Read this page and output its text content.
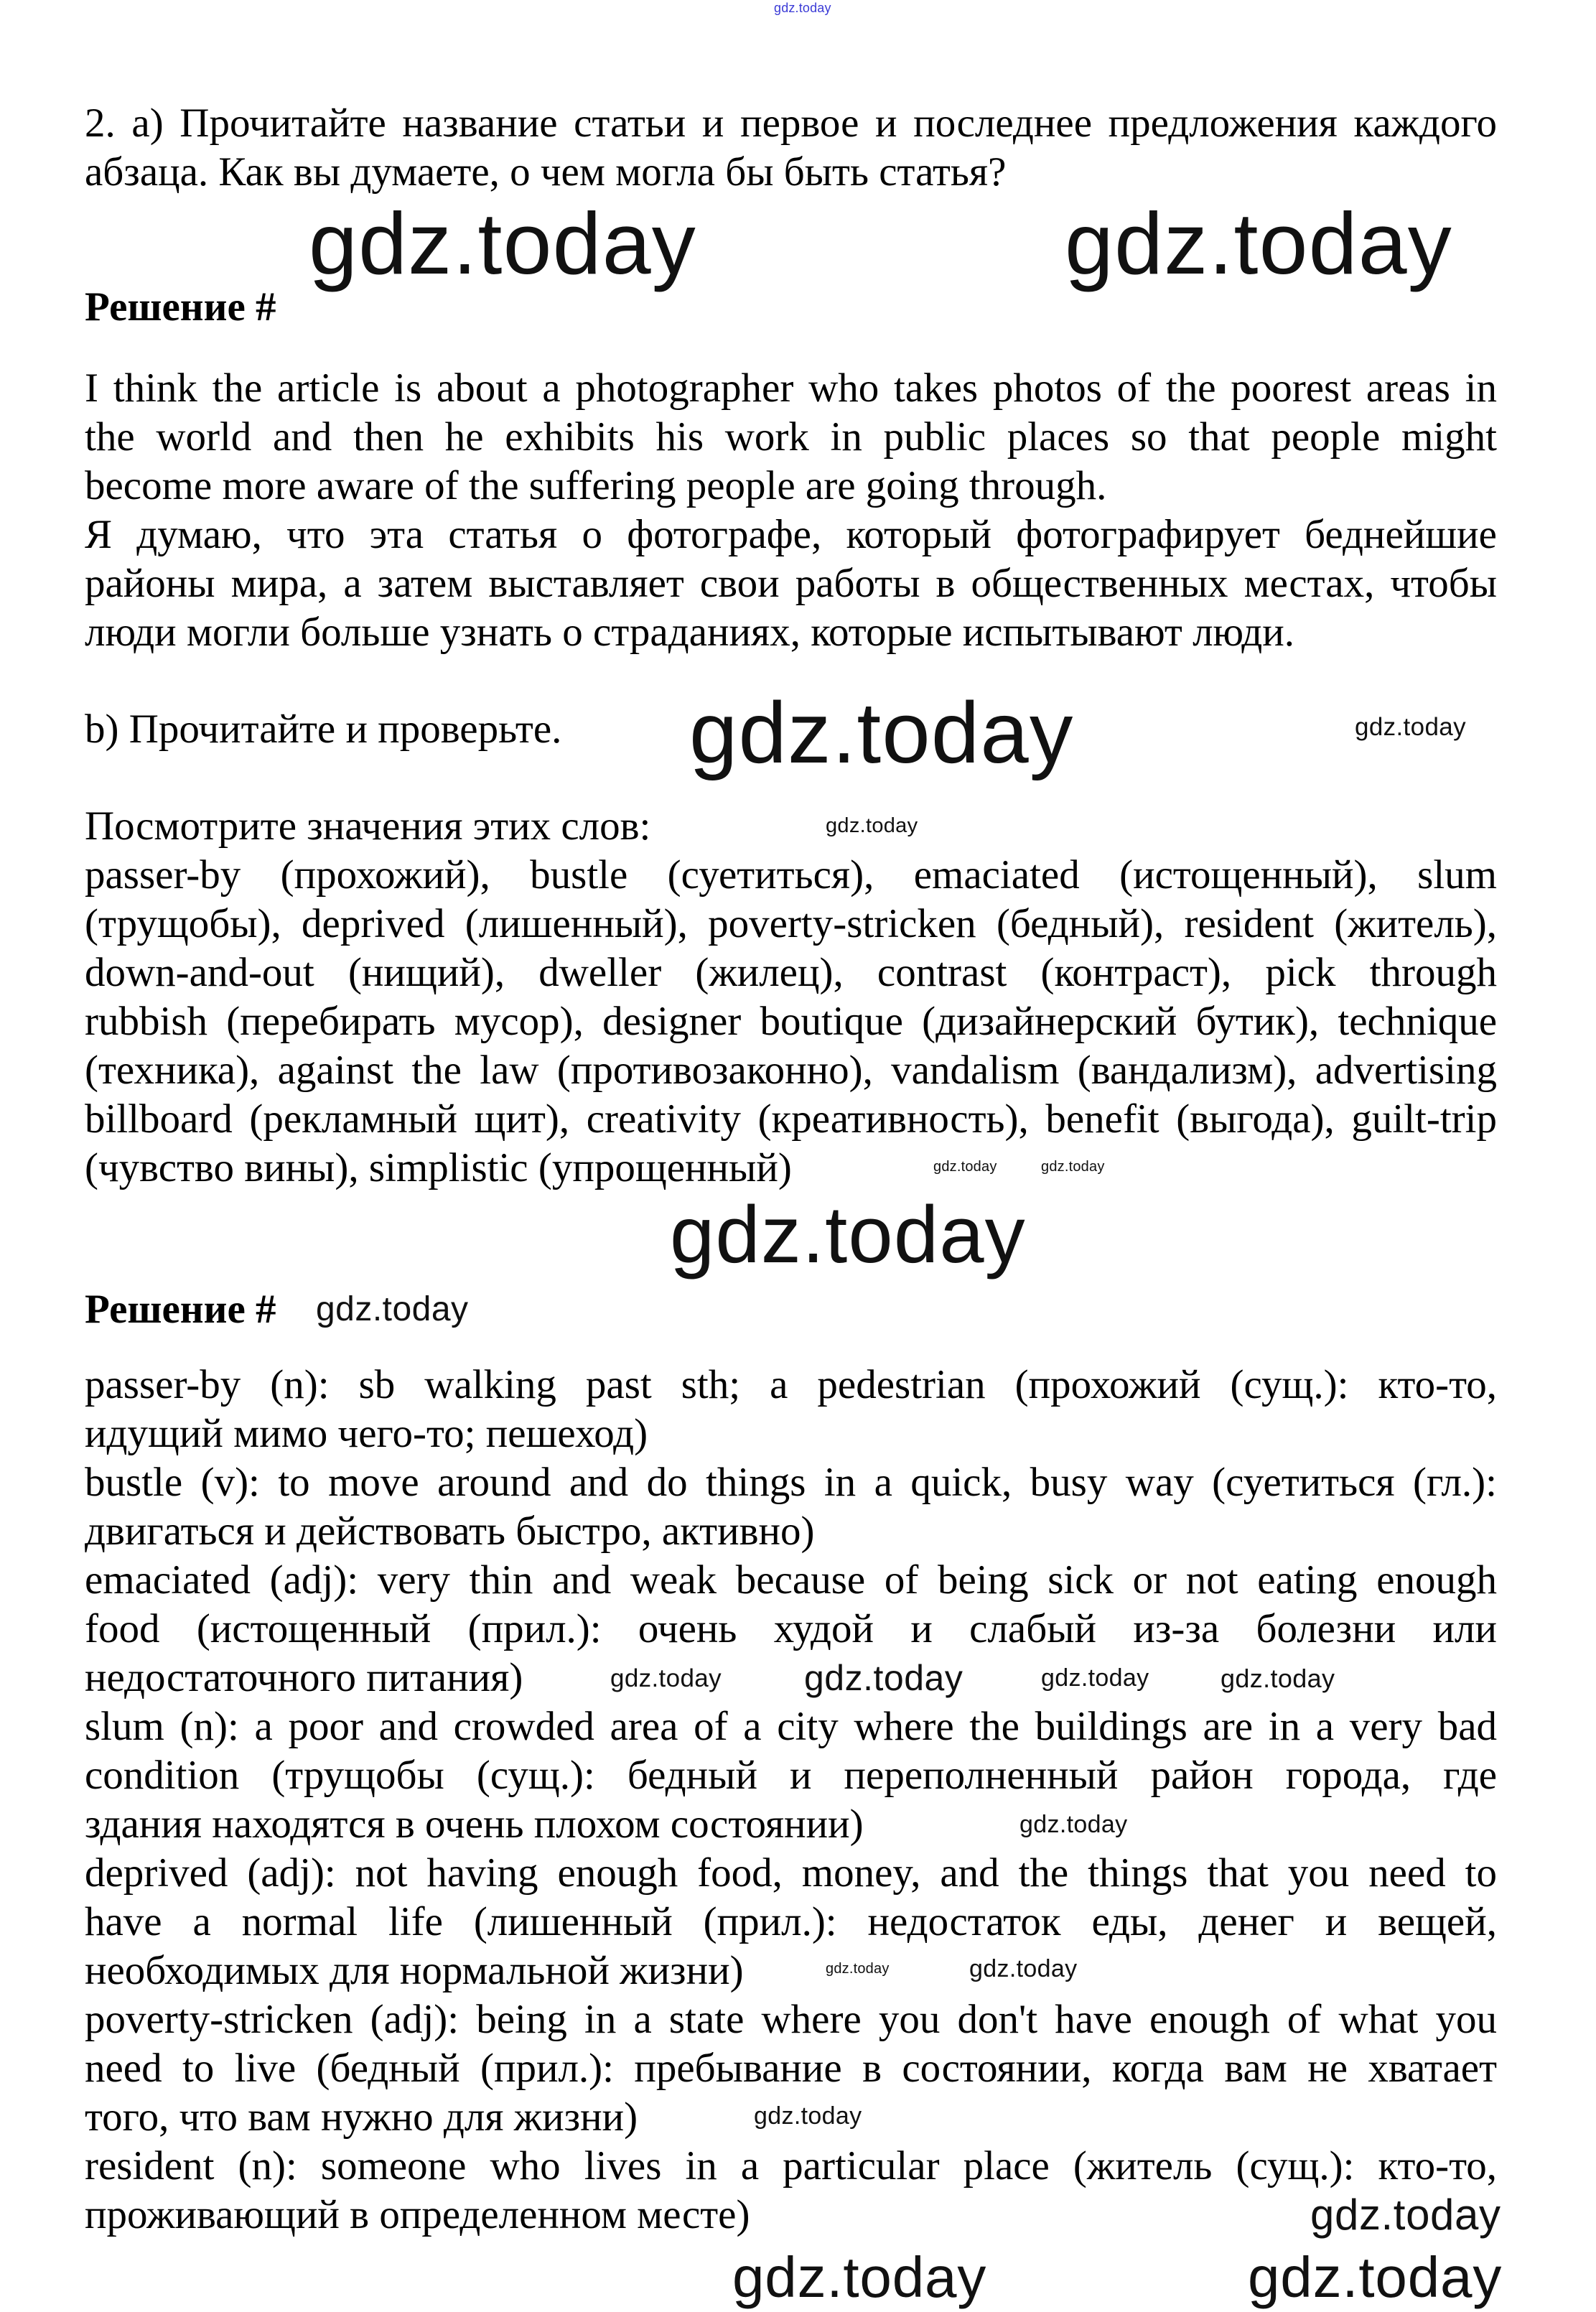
gdz.today
2. a) Прочитайте название статьи и первое и последнее предложения каждого
абзаца. Как вы думаете, о чем могла бы быть статья?
Решение #
gdz.today	gdz.today
I think the article is about a photographer who takes photos of the poorest areas in
the world and then he exhibits his work in public places so that people might
become more aware of the suffering people are going through.
Я думаю, что эта статья о фотографе, который фотографирует беднейшие
районы мира, а затем выставляет свои работы в общественных местах, чтобы
люди могли больше узнать о страданиях, которые испытывают люди.
b) Прочитайте и проверьте. gdz.today	gdz.today
Посмотрите значения этих слов:	gdz.today
passer-by (прохожий), bustle (суетиться), emaciated (истощенный), slum
(трущобы), deprived (лишенный), poverty-stricken (бедный), resident (житель),
down-and-out (нищий), dweller (жилец), contrast (контраст), pick through
rubbish (перебирать мусор), designer boutique (дизайнерский бутик), technique
(техника), against the law (противозаконно), vandalism (вандализм), advertising
billboard (рекламный щит), creativity (креативность), benefit (выгода), guilt-trip
(чувство вины), simplistic (упрощенный)	gdz.today	gdz.today
gdz.today
Решение # gdz.today
passer-by (n): sb walking past sth; a pedestrian (прохожий (сущ.): кто-то,
идущий мимо чего-то; пешеход)
bustle (v): to move around and do things in a quick, busy way (суетиться (гл.):
двигаться и действовать быстро, активно)
emaciated (adj): very thin and weak because of being sick or not eating enough
food (истощенный (прил.): очень худой и слабый из-за болезни или
недостаточного питания)
slum (n): a poor and crowded area of a city where the buildings are in a very bad
condition (трущобы (сущ.): бедный и переполненный район города, где
здания находятся в очень плохом состоянии)
deprived (adj): not having enough food, money, and the things that you need to
have a normal life (лишенный (прил.): недостаток еды, денег и вещей,
необходимых для нормальной жизни)
poverty-stricken (adj): being in a state where you don't have enough of what you
need to live (бедный (прил.): пребывание в состоянии, когда вам не хватает
того, что вам нужно для жизни)
resident (n): someone who lives in a particular place (житель (сущ.): кто-то,
проживающий в определенном месте)
gdz.today
gdz.today	gdz.today
gdz.today
gdz.today
gdz.today
gdz.today	gdz.today
gdz.today
gdz.today
gdz.today
